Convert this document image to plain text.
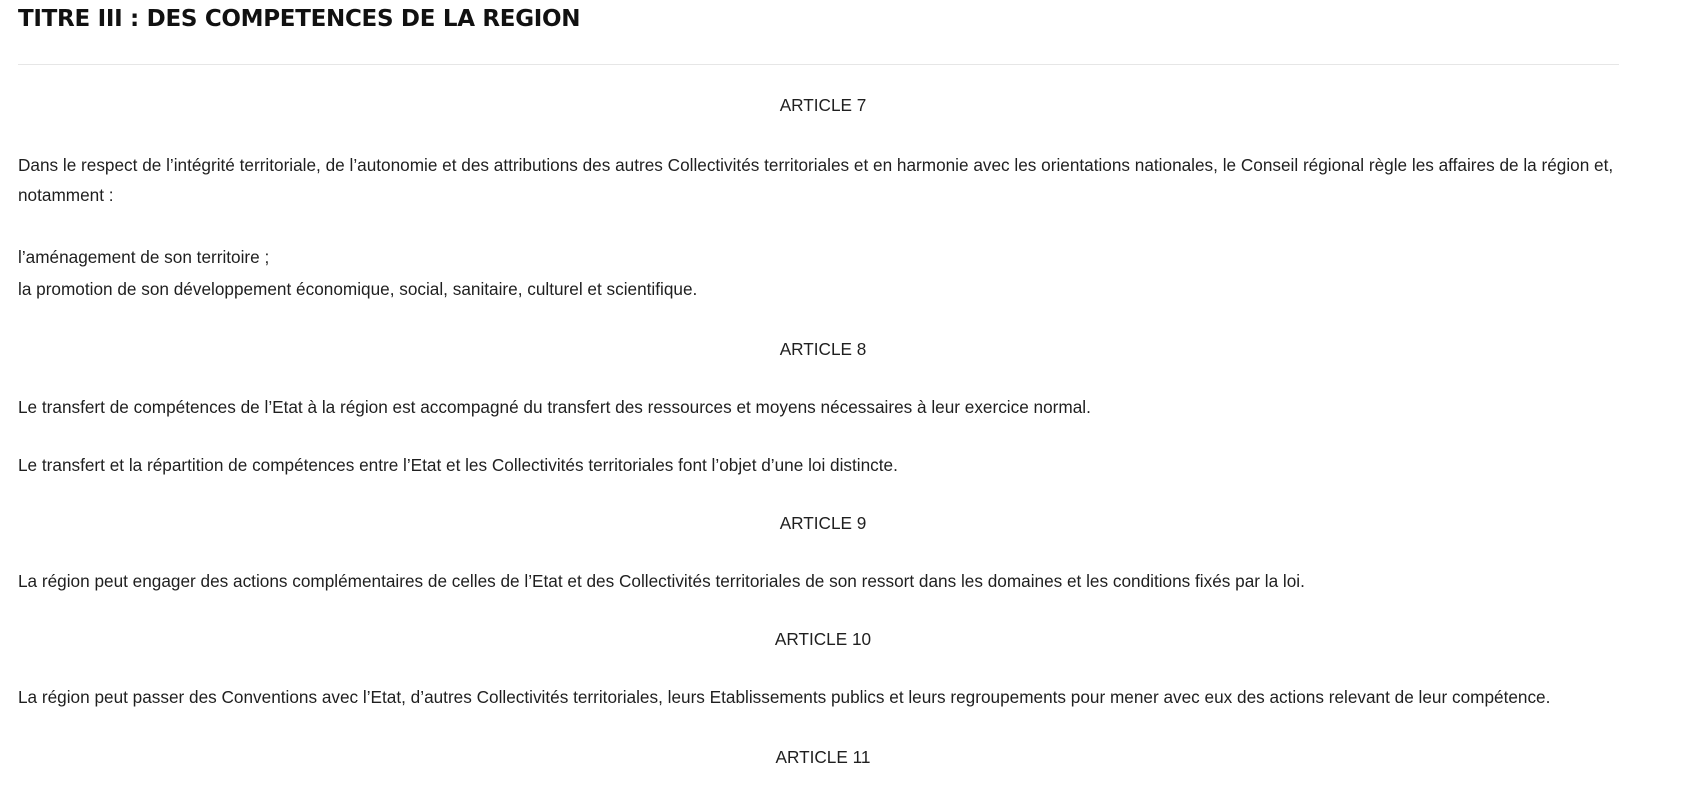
TITRE III : DES COMPETENCES DE LA REGION

ARTICLE 7

Dans le respect de l’intégrité territoriale, de l’autonomie et des attributions des autres Collectivités territoriales et en harmonie avec les orientations nationales, le Conseil régional règle les affaires de la région et, notamment :

l’aménagement de son territoire ;

la promotion de son développement économique, social, sanitaire, culturel et scientifique.

ARTICLE 8

Le transfert de compétences de l’Etat à la région est accompagné du transfert des ressources et moyens nécessaires à leur exercice normal.

Le transfert et la répartition de compétences entre l’Etat et les Collectivités territoriales font l’objet d’une loi distincte.

ARTICLE 9

La région peut engager des actions complémentaires de celles de l’Etat et des Collectivités territoriales de son ressort dans les domaines et les conditions fixés par la loi.

ARTICLE 10

La région peut passer des Conventions avec l’Etat, d’autres Collectivités territoriales, leurs Etablissements publics et leurs regroupements pour mener avec eux des actions relevant de leur compétence.

ARTICLE 11
